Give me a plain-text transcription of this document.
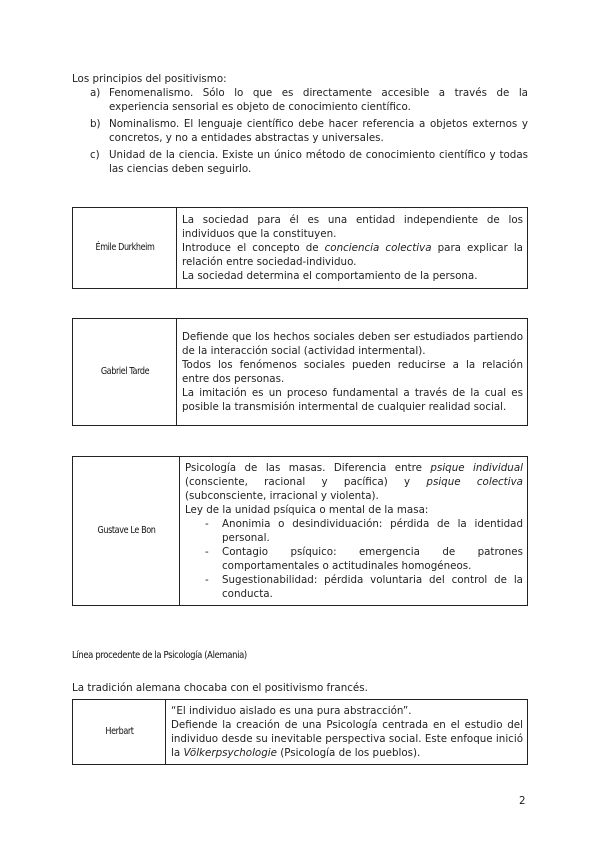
Los principios del positivismo:

a) Fenomenalismo. Sólo lo que es directamente accesible a través de la experiencia sensorial es objeto de conocimiento científico.
b) Nominalismo. El lenguaje científico debe hacer referencia a objetos externos y concretos, y no a entidades abstractas y universales.
c) Unidad de la ciencia. Existe un único método de conocimiento científico y todas las ciencias deben seguirlo.
Émile Durkheim	

La sociedad para él es una entidad independiente de los individuos que la constituyen.

Introduce el concepto de conciencia colectiva para explicar la relación entre sociedad-individuo.

La sociedad determina el comportamiento de la persona.

Gabriel Tarde	

Defiende que los hechos sociales deben ser estudiados partiendo de la interacción social (actividad intermental).

Todos los fenómenos sociales pueden reducirse a la relación entre dos personas.

La imitación es un proceso fundamental a través de la cual es posible la transmisión intermental de cualquier realidad social.

Gustave Le Bon	

Psicología de las masas. Diferencia entre psique individual (consciente, racional y pacífica) y psique colectiva (subconsciente, irracional y violenta).

Ley de la unidad psíquica o mental de la masa:

- Anonimia o desindividuación: pérdida de la identidad personal.
- Contagio psíquico: emergencia de patrones comportamentales o actitudinales homogéneos.
- Sugestionabilidad: pérdida voluntaria del control de la conducta.
Línea procedente de la Psicología (Alemania)

La tradición alemana chocaba con el positivismo francés.

Herbart	

“El individuo aislado es una pura abstracción”.

Defiende la creación de una Psicología centrada en el estudio del individuo desde su inevitable perspectiva social. Este enfoque inició la Völkerpsychologie (Psicología de los pueblos).

2
